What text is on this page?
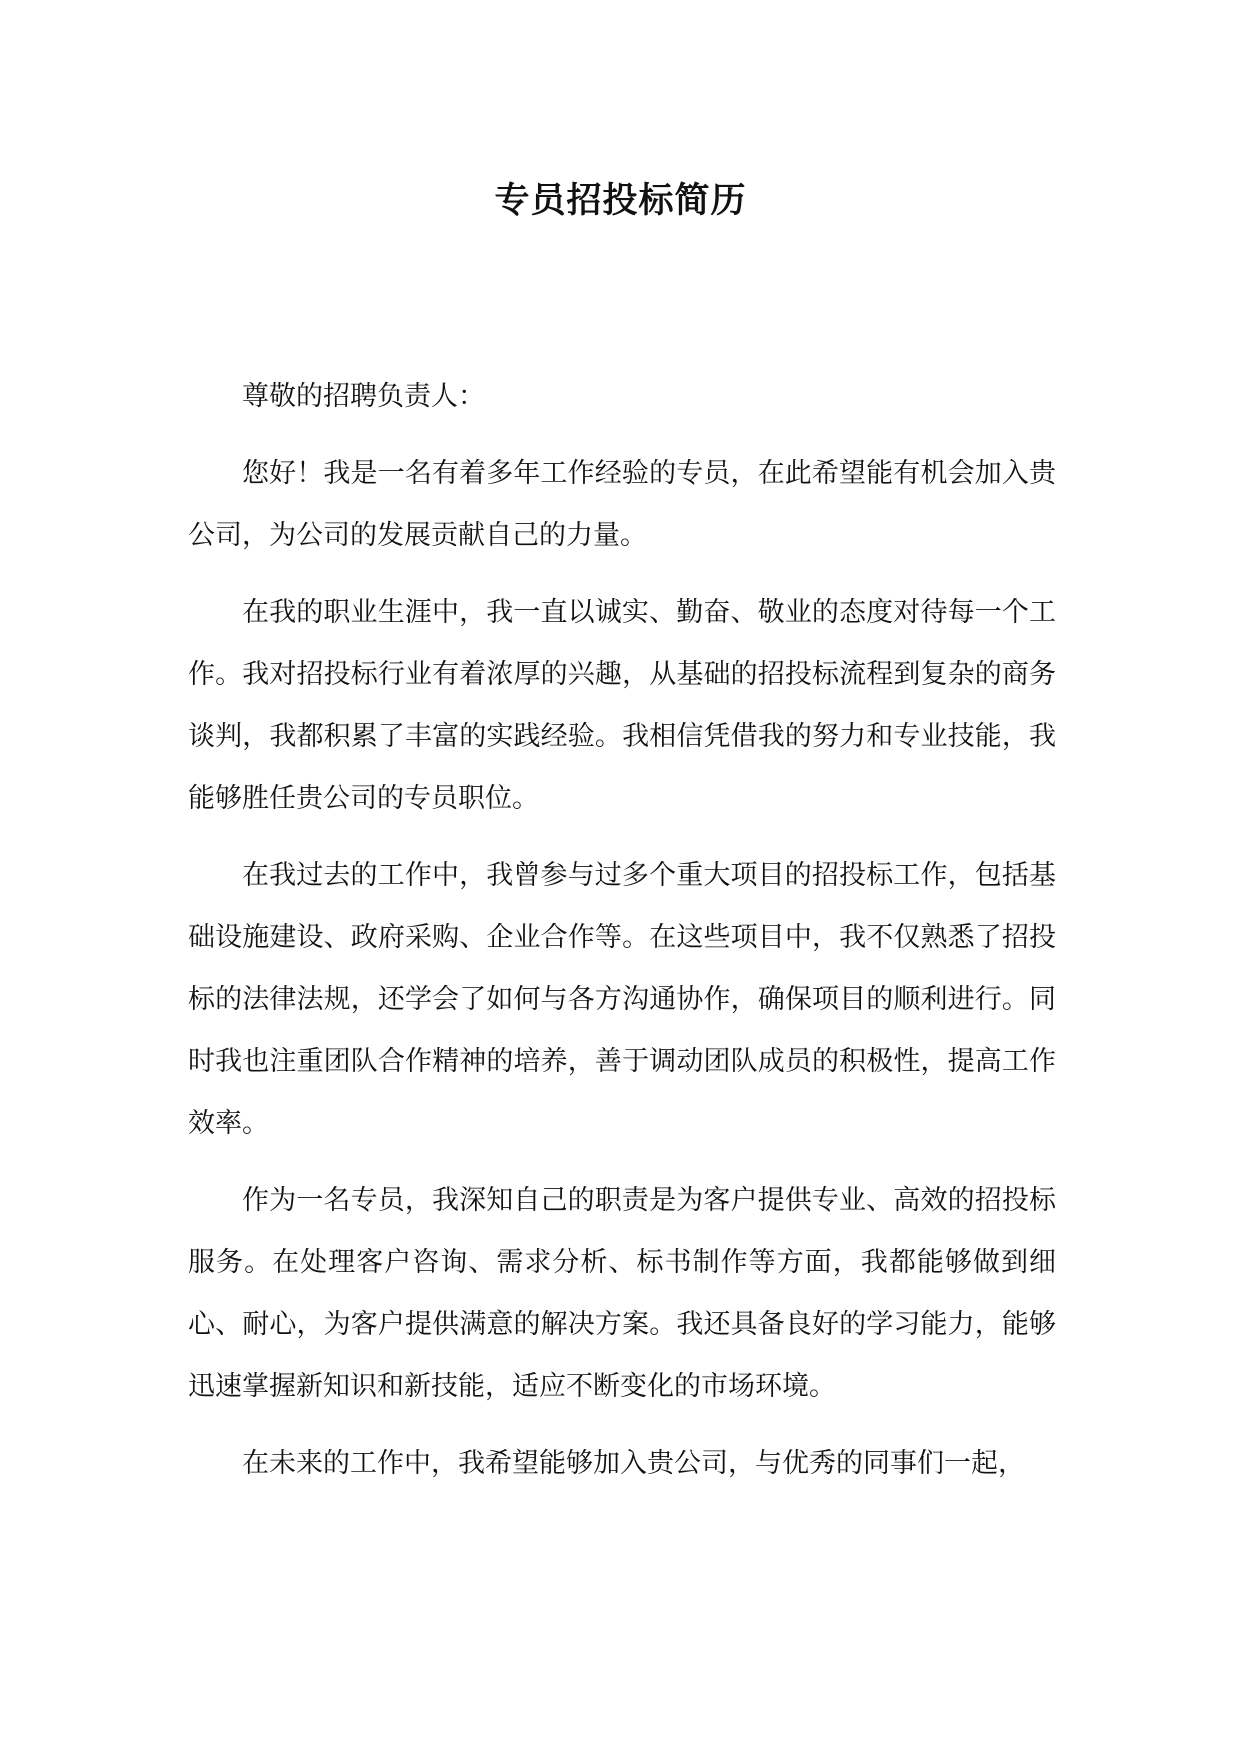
专员招投标简历

尊敬的招聘负责人：

您好！我是一名有着多年工作经验的专员，在此希望能有机会加入贵公司，为公司的发展贡献自己的力量。

在我的职业生涯中，我一直以诚实、勤奋、敬业的态度对待每一个工作。我对招投标行业有着浓厚的兴趣，从基础的招投标流程到复杂的商务谈判，我都积累了丰富的实践经验。我相信凭借我的努力和专业技能，我能够胜任贵公司的专员职位。

在我过去的工作中，我曾参与过多个重大项目的招投标工作，包括基础设施建设、政府采购、企业合作等。在这些项目中，我不仅熟悉了招投标的法律法规，还学会了如何与各方沟通协作，确保项目的顺利进行。同时我也注重团队合作精神的培养，善于调动团队成员的积极性，提高工作效率。

作为一名专员，我深知自己的职责是为客户提供专业、高效的招投标服务。在处理客户咨询、需求分析、标书制作等方面，我都能够做到细心、耐心，为客户提供满意的解决方案。我还具备良好的学习能力，能够迅速掌握新知识和新技能，适应不断变化的市场环境。

在未来的工作中，我希望能够加入贵公司，与优秀的同事们一起，
